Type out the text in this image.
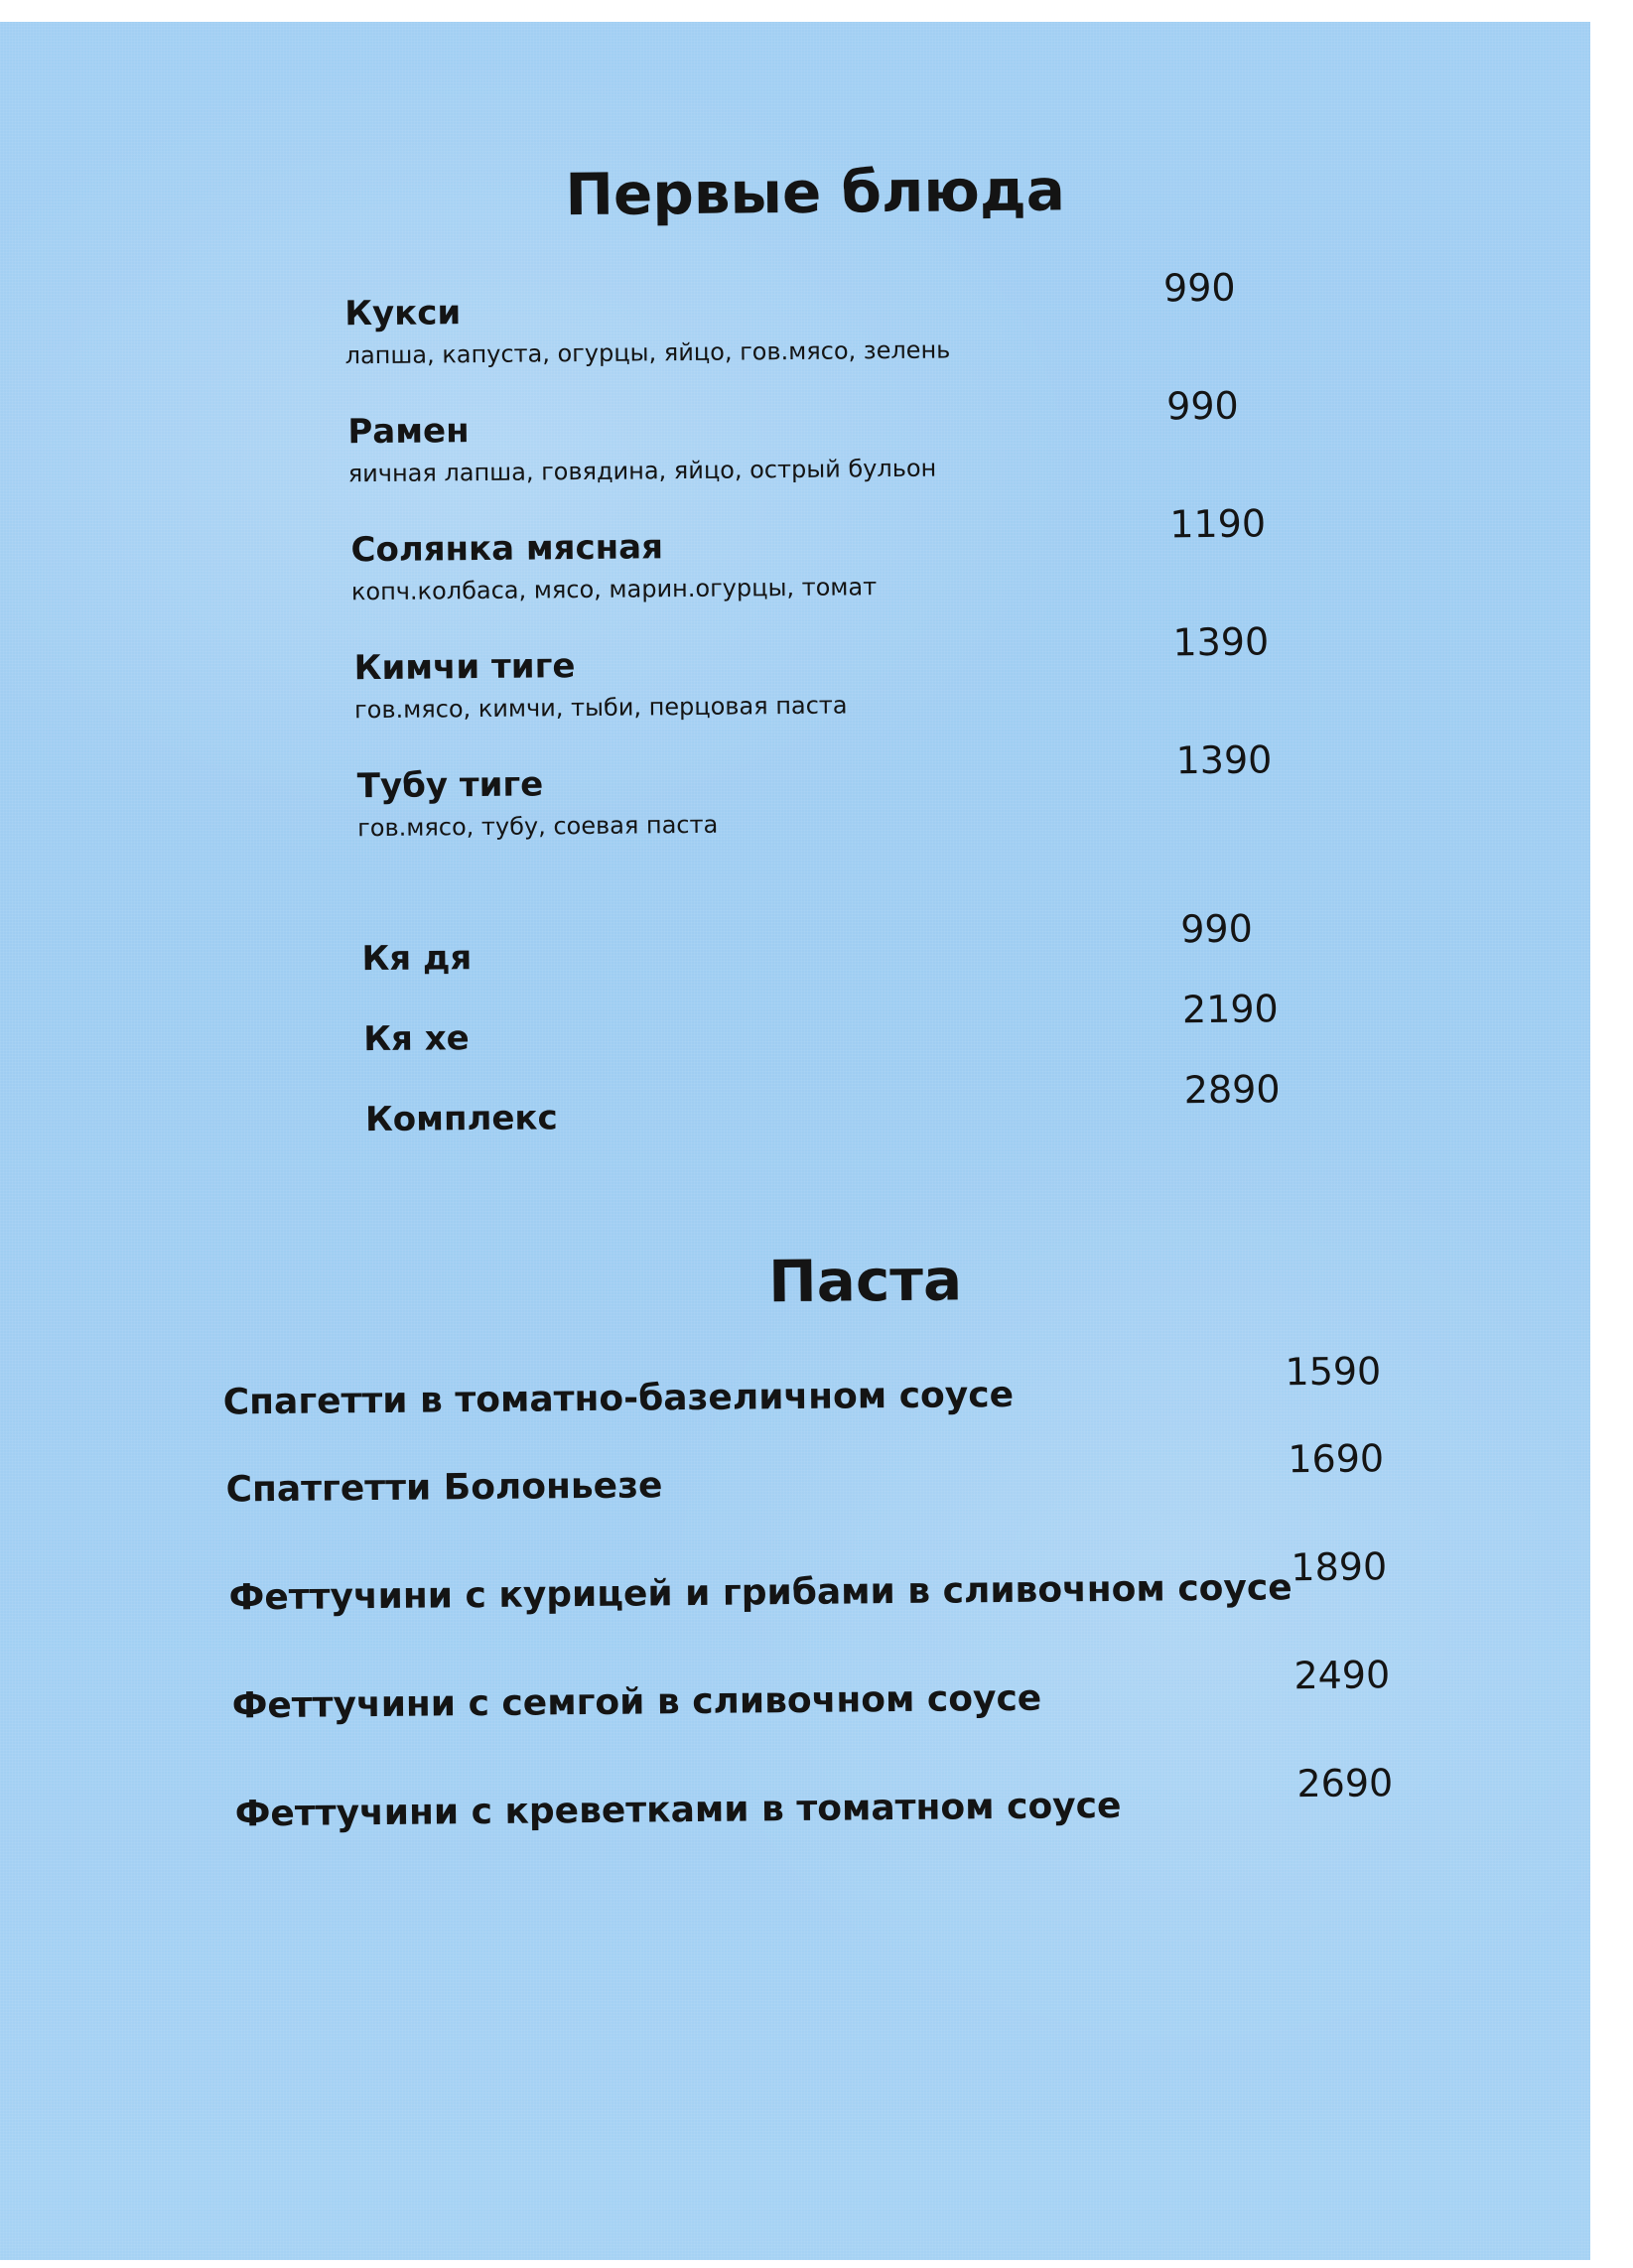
Первые блюда
Кукси
лапша, капуста, огурцы, яйцо, гов.мясо, зелень
990
Рамен
яичная лапша, говядина, яйцо, острый бульон
990
Солянка мясная
копч.колбаса, мясо, марин.огурцы, томат
1190
Кимчи тиге
гов.мясо, кимчи, тыби, перцовая паста
1390
Тубу тиге
гов.мясо, тубу, соевая паста
1390
Кя дя
990
Кя хе
2190
Комплекс
2890
Паста
Спагетти в томатно-базеличном соусе
1590
Спатгетти Болоньезе
1690
Феттучини с курицей и грибами в сливочном соусе
1890
Феттучини с семгой в сливочном соусе
2490
Феттучини с креветками в томатном соусе
2690
